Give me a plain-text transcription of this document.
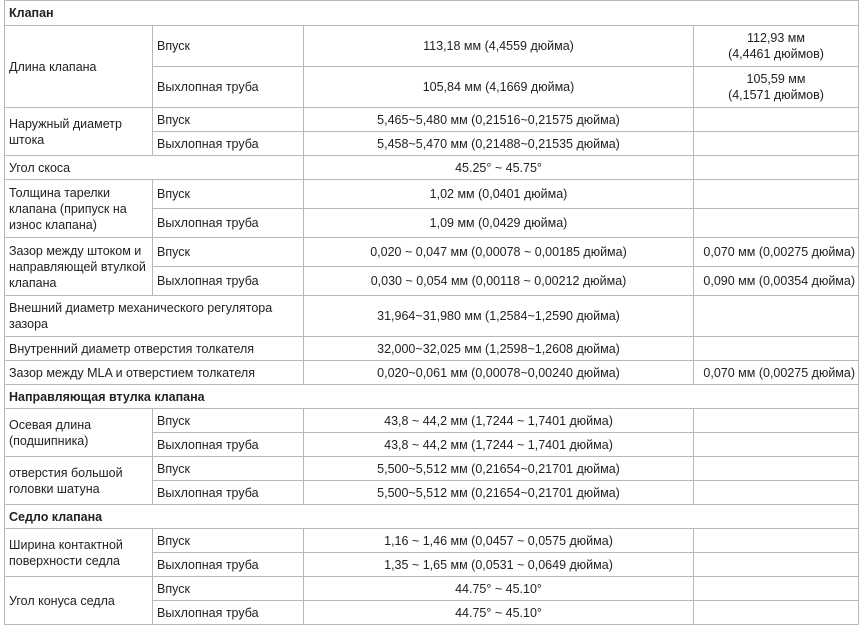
Клапан			
Длина клапана	Впуск	113,18 мм (4,4559 дюйма)	112,93 мм
(4,4461 дюймов)

	Выхлопная труба	105,84 мм (4,1669 дюйма)	105,59 мм
(4,1571 дюймов)

Наружный диаметр штока	Впуск	5,465~5,480 мм (0,21516~0,21575 дюйма)	
	Выхлопная труба	5,458~5,470 мм (0,21488~0,21535 дюйма)	
Угол скоса		45.25° ~ 45.75°	
Толщина тарелки клапана (припуск на износ клапана)	Впуск	1,02 мм (0,0401 дюйма)	
	Выхлопная труба	1,09 мм (0,0429 дюйма)	
Зазор между штоком и направляющей втулкой клапана	Впуск	0,020 ~ 0,047 мм (0,00078 ~ 0,00185 дюйма)	0,070 мм (0,00275 дюйма)
	Выхлопная труба	0,030 ~ 0,054 мм (0,00118 ~ 0,00212 дюйма)	0,090 мм (0,00354 дюйма)
Внешний диаметр механического регулятора зазора		31,964~31,980 мм (1,2584~1,2590 дюйма)	
Внутренний диаметр отверстия толкателя		32,000~32,025 мм (1,2598~1,2608 дюйма)	
Зазор между MLA и отверстием толкателя		0,020~0,061 мм (0,00078~0,00240 дюйма)	0,070 мм (0,00275 дюйма)
Направляющая втулка клапана			
Осевая длина (подшипника)	Впуск	43,8 ~ 44,2 мм (1,7244 ~ 1,7401 дюйма)	
	Выхлопная труба	43,8 ~ 44,2 мм (1,7244 ~ 1,7401 дюйма)	
отверстия большой головки шатуна	Впуск	5,500~5,512 мм (0,21654~0,21701 дюйма)	
	Выхлопная труба	5,500~5,512 мм (0,21654~0,21701 дюйма)	
Седло клапана			
Ширина контактной поверхности седла	Впуск	1,16 ~ 1,46 мм (0,0457 ~ 0,0575 дюйма)	
	Выхлопная труба	1,35 ~ 1,65 мм (0,0531 ~ 0,0649 дюйма)	
Угол конуса седла	Впуск	44.75° ~ 45.10°	
	Выхлопная труба	44.75° ~ 45.10°	
